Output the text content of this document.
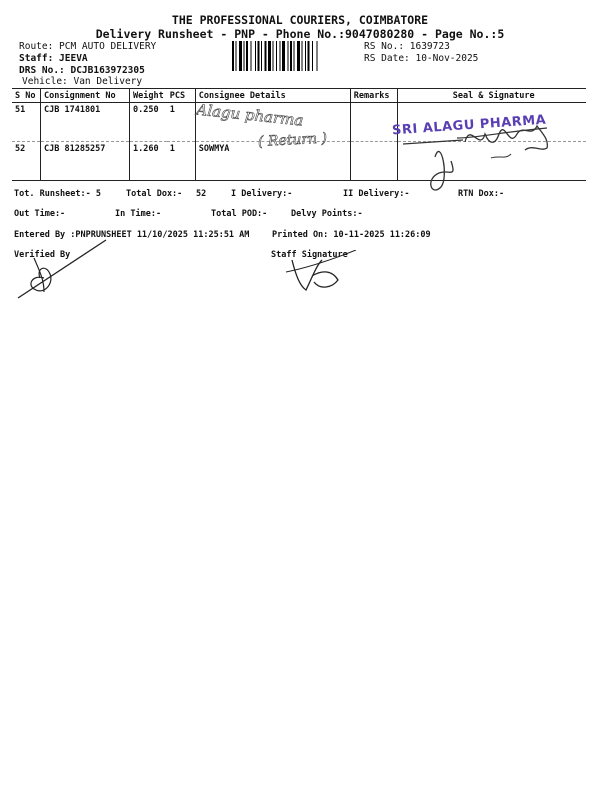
THE PROFESSIONAL COURIERS, COIMBATORE
Delivery Runsheet - PNP - Phone No.:9047080280 - Page No.:5
Route: PCM AUTO DELIVERY
Staff: JEEVA
DRS No.: DCJB163972305
Vehicle: Van Delivery
RS No.: 1639723
RS Date: 10-Nov-2025
S No	Consignment No	Weight	PCS	Consignee Details	Remarks	Seal & Signature
51	CJB 1741801	0.250	1			
52	CJB 81285257	1.260	1	SOWMYA		
Alagu pharma
( Return )
SRI ALAGU PHARMA
Tot. Runsheet:- 5	Total Dox:- 52	I Delivery:-	II Delivery:-	RTN Dox:-
Out Time:-	In Time:-	Total POD:-	Delvy Points:-
Entered By :PNPRUNSHEET 11/10/2025 11:25:51 AM	Printed On: 10-11-2025 11:26:09
Verified By	Staff Signature
